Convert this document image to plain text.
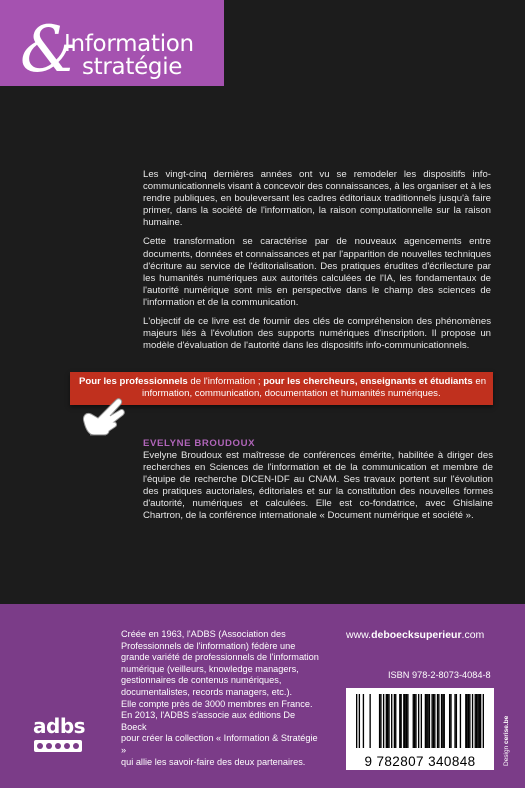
&
Information
stratégie

Les vingt-cinq dernières années ont vu se remodeler les dispositifs info-communicationnels visant à concevoir des connaissances, à les organiser et à les rendre publiques, en bouleversant les cadres éditoriaux traditionnels jusqu'à faire primer, dans la société de l'information, la raison computationnelle sur la raison humaine.

Cette transformation se caractérise par de nouveaux agencements entre documents, données et connaissances et par l'apparition de nouvelles techniques d'écriture au service de l'éditorialisation. Des pratiques érudites d'écrilecture par les humanités numériques aux autorités calculées de l'IA, les fondamentaux de l'autorité numérique sont mis en perspective dans le champ des sciences de l'information et de la communication.

L'objectif de ce livre est de fournir des clés de compréhension des phénomènes majeurs liés à l'évolution des supports numériques d'inscription. Il propose un modèle d'évaluation de l'autorité dans les dispositifs info-communicationnels.

Pour les professionnels de l'information ; pour les chercheurs, enseignants et étudiants en
information, communication, documentation et humanités numériques.
EVELYNE BROUDOUX
Evelyne Broudoux est maîtresse de conférences émérite, habilitée à diriger des recherches en Sciences de l'information et de la communication et membre de l'équipe de recherche DICEN-IDF au CNAM. Ses travaux portent sur l'évolution des pratiques auctoriales, éditoriales et sur la constitution des nouvelles formes d'autorité, numériques et calculées. Elle est co-fondatrice, avec Ghislaine Chartron, de la conférence internationale « Document numérique et société ».
Créée en 1963, l'ADBS (Association des
Professionnels de l'information) fédère une
grande variété de professionnels de l'information
numérique (veilleurs, knowledge managers,
gestionnaires de contenus numériques,
documentalistes, records managers, etc.).
Elle compte près de 3000 membres en France.
En 2013, l'ADBS s'associe aux éditions De Boeck
pour créer la collection « Information & Stratégie »
qui allie les savoir-faire des deux partenaires.
adbs
www.deboecksuperieur.com
ISBN 978-2-8073-4084-8
9 782807 340848	Design cerise.be
